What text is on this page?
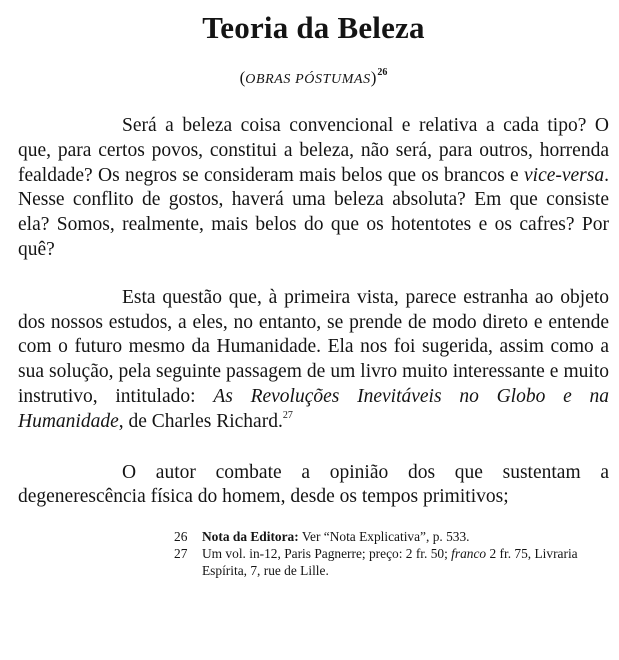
Teoria da Beleza
(OBRAS PÓSTUMAS)$^{26}$

Será a beleza coisa convencional e relativa a cada tipo? O que, para certos povos, constitui a beleza, não será, para outros, horrenda fealdade? Os negros se consideram mais belos que os brancos e vice-versa. Nesse conflito de gostos, haverá uma beleza absoluta? Em que consiste ela? Somos, realmente, mais belos do que os hotentotes e os cafres? Por quê?

Esta questão que, à primeira vista, parece estranha ao objeto dos nossos estudos, a eles, no entanto, se prende de modo direto e entende com o futuro mesmo da Humanidade. Ela nos foi sugerida, assim como a sua solução, pela seguinte passagem de um livro muito interessante e muito instrutivo, intitulado: As Revoluções Inevitáveis no Globo e na Humanidade, de Charles Richard.$^{27}$

O autor combate a opinião dos que sustentam a degenerescência física do homem, desde os tempos primitivos;

26	Nota da Editora: Ver “Nota Explicativa”, p. 533.
27	Um vol. in-12, Paris Pagnerre; preço: 2 fr. 50; franco 2 fr. 75, Livraria Espírita, 7, rue de Lille.
